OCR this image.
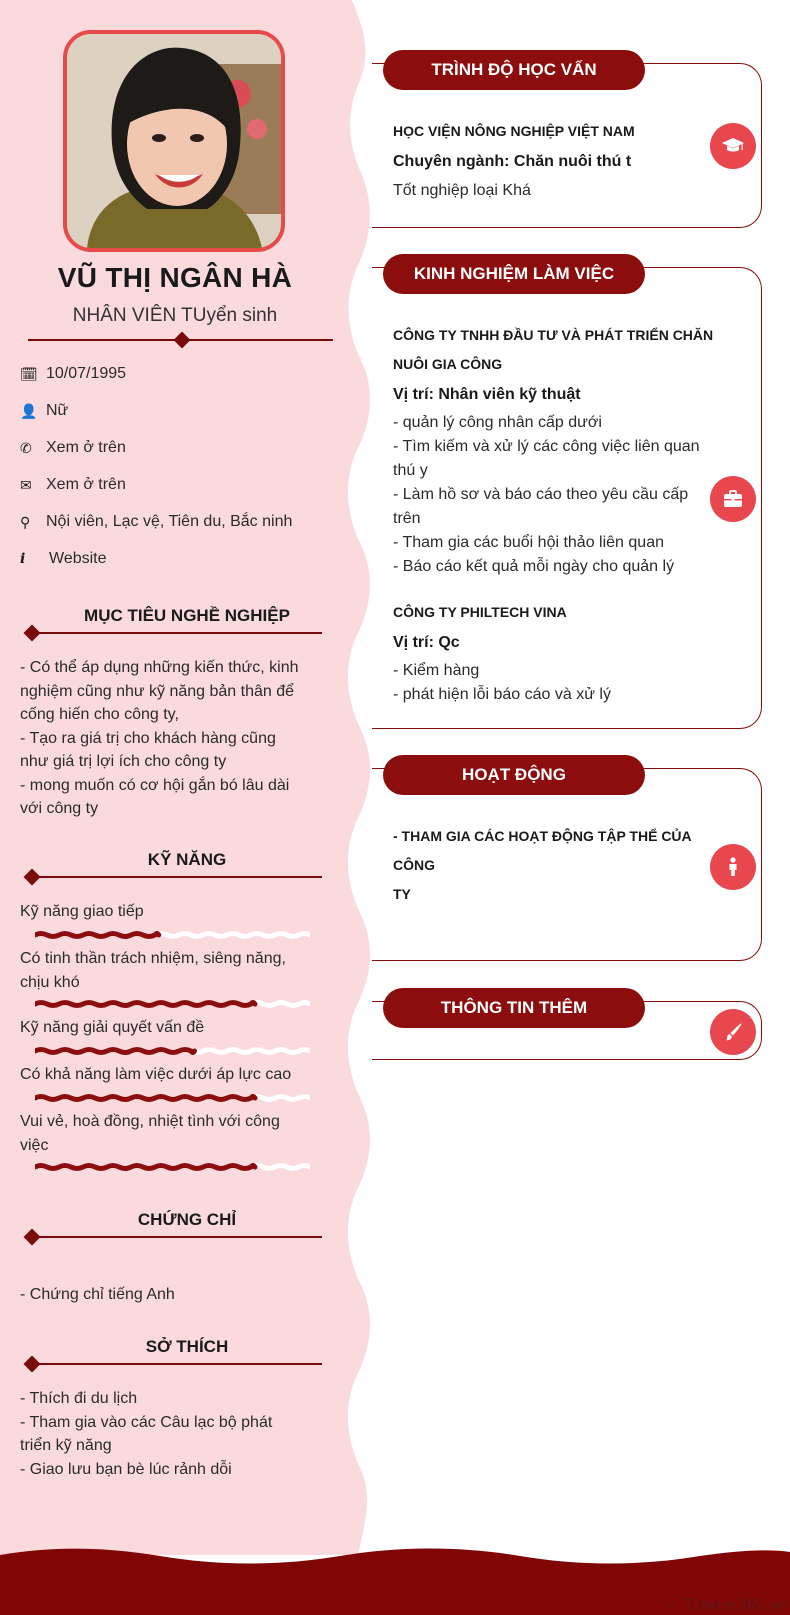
VŨ THỊ NGÂN HÀ
NHÂN VIÊN TUyển sinh
🗓 10/07/1995
👤 Nữ
✆ Xem ở trên
✉ Xem ở trên
⚲ Nội viên, Lạc vệ, Tiên du, Bắc ninh
i	Website
MỤC TIÊU NGHỀ NGHIỆP
- Có thể áp dụng những kiến thức, kinh
nghiệm cũng như kỹ năng bản thân để
cống hiến cho công ty,
- Tạo ra giá trị cho khách hàng cũng
như giá trị lợi ích cho công ty
- mong muốn có cơ hội gắn bó lâu dài
với công ty
KỸ NĂNG
Kỹ năng giao tiếp
Có tinh thần trách nhiệm, siêng năng,
chịu khó
Kỹ năng giải quyết vấn đề
Có khả năng làm việc dưới áp lực cao
Vui vẻ, hoà đồng, nhiệt tình với công
việc
CHỨNG CHỈ
- Chứng chỉ tiếng Anh
SỞ THÍCH
- Thích đi du lịch
- Tham gia vào các Câu lạc bộ phát
triển kỹ năng
- Giao lưu bạn bè lúc rảnh dỗi
TRÌNH ĐỘ HỌC VẤN
HỌC VIỆN NÔNG NGHIỆP VIỆT NAM
Chuyên ngành: Chăn nuôi thú t
Tốt nghiệp loại Khá
KINH NGHIỆM LÀM VIỆC
CÔNG TY TNHH ĐẦU TƯ VÀ PHÁT TRIỂN CHĂN
NUÔI GIA CÔNG
Vị trí: Nhân viên kỹ thuật
- quản lý công nhân cấp dưới
- Tìm kiếm và xử lý các công việc liên quan
thú y
- Làm hồ sơ và báo cáo theo yêu cầu cấp
trên
- Tham gia các buổi hội thảo liên quan
- Báo cáo kết quả mỗi ngày cho quản lý
CÔNG TY PHILTECH VINA
Vị trí: Qc
- Kiểm hàng
- phát hiện lỗi báo cáo và xử lý
HOẠT ĐỘNG
- THAM GIA CÁC HOẠT ĐỘNG TẬP THỂ CỦA CÔNG
TY
THÔNG TIN THÊM
∴ Timviec365.vn
